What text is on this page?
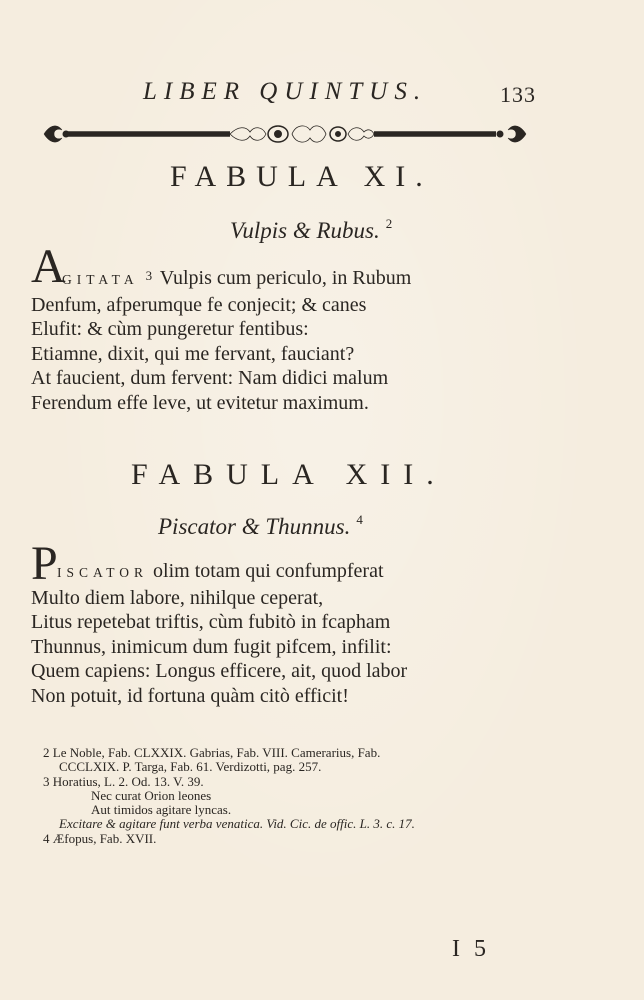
LIBER QUINTUS.	133
FABULA XI.
Vulpis & Rubus. $^2$
A
GITATA $^3$ Vulpis cum periculo, in Rubum
Denfum, afperumque fe conjecit; & canes
Elufit: & cùm pungeretur fentibus:
Etiamne, dixit, qui me fervant, fauciant?
At faucient, dum fervent: Nam didici malum
Ferendum effe leve, ut evitetur maximum.
FABULA XII.
Piscator & Thunnus. $^4$
P ISCATOR olim totam qui confumpferat
Multo diem labore, nihilque ceperat,
Litus repetebat triftis, cùm fubitò in fcapham
Thunnus, inimicum dum fugit pifcem, infilit:
Quem capiens: Longus efficere, ait, quod labor
Non potuit, id fortuna quàm citò efficit!
2 Le Noble, Fab. CLXXIX. Gabrias, Fab. VIII. Camerarius, Fab.
CCCLXIX. P. Targa, Fab. 61. Verdizotti, pag. 257.
3 Horatius, L. 2. Od. 13. V. 39.
Nec curat Orion leones
Aut timidos agitare lyncas.
Excitare & agitare funt verba venatica. Vid. Cic. de offic. L. 3. c. 17.
4 Æfopus, Fab. XVII.
I 5
